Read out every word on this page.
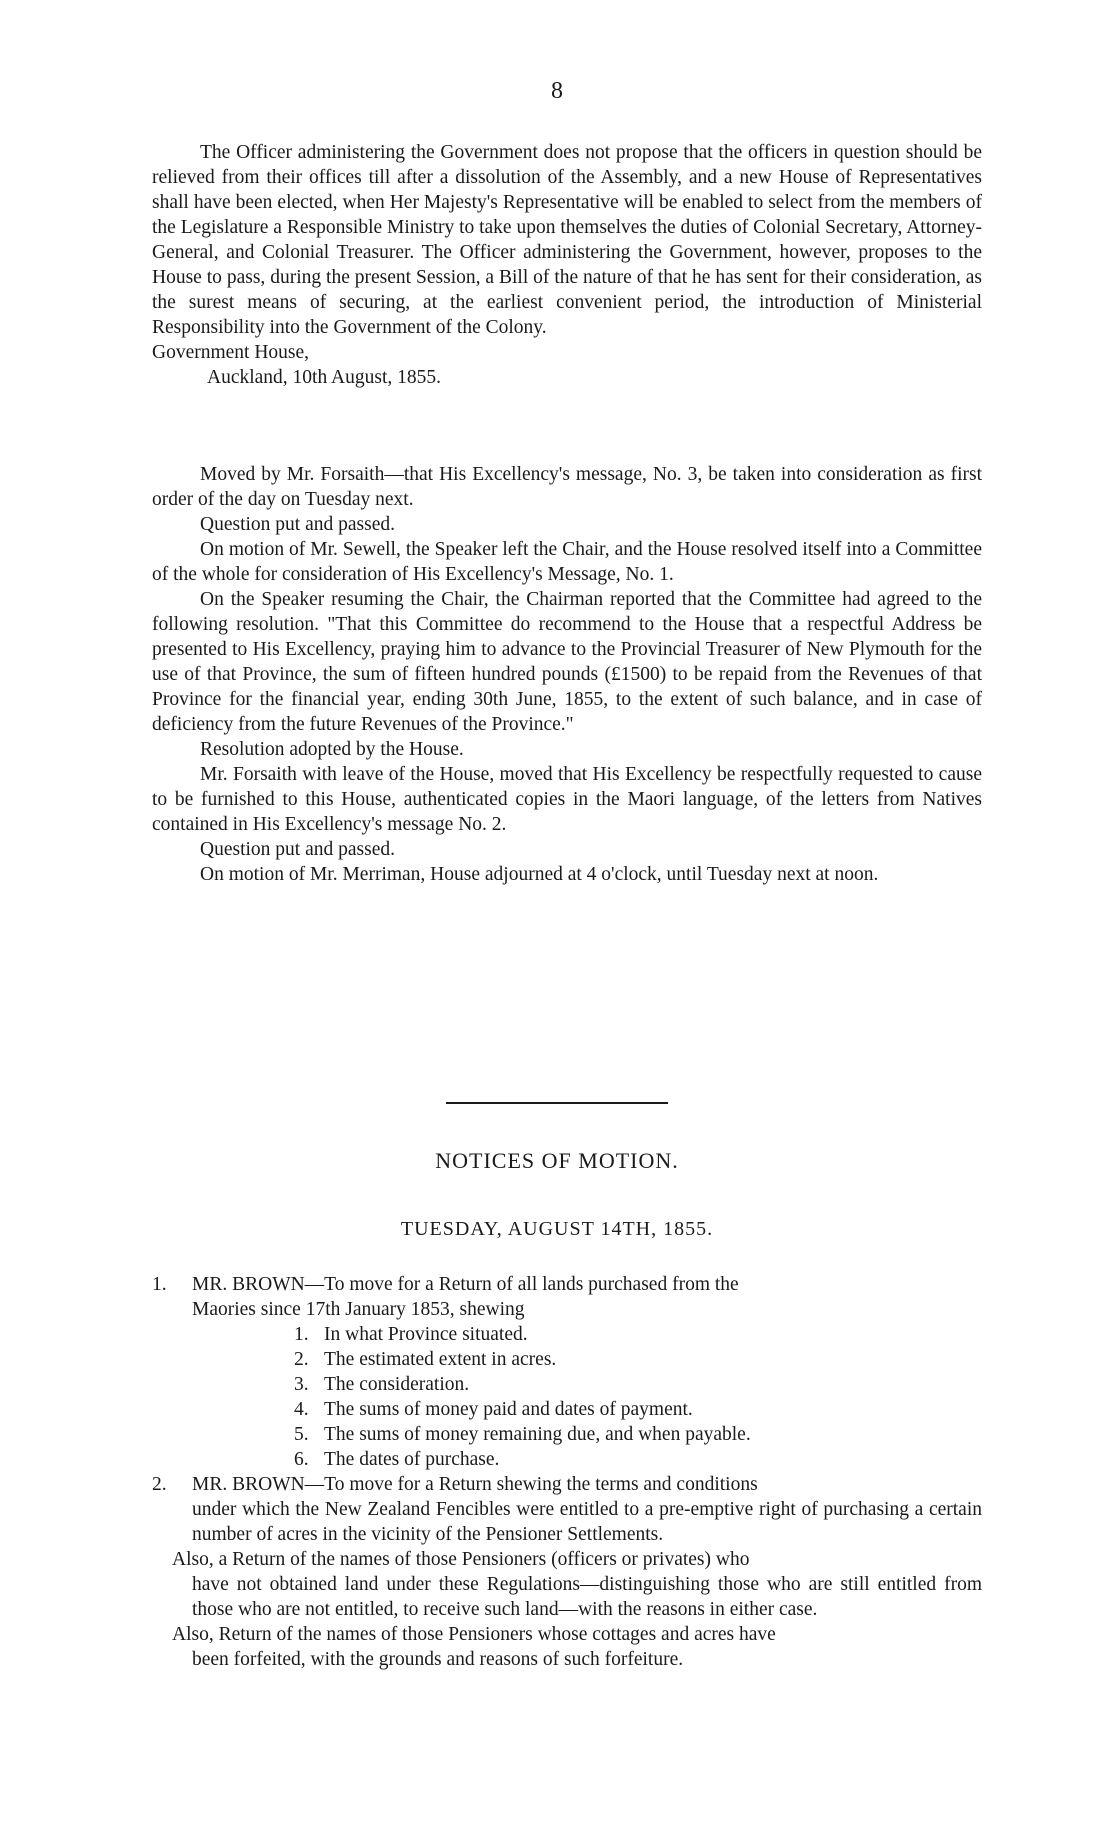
8

The Officer administering the Government does not propose that the officers in question should be relieved from their offices till after a dissolution of the Assembly, and a new House of Representatives shall have been elected, when Her Majesty's Representative will be enabled to select from the members of the Legislature a Responsible Ministry to take upon themselves the duties of Colonial Secretary, Attorney-General, and Colonial Treasurer. The Officer administering the Government, however, proposes to the House to pass, during the present Session, a Bill of the nature of that he has sent for their consideration, as the surest means of securing, at the earliest convenient period, the introduction of Ministerial Responsibility into the Government of the Colony.

Government House,

Auckland, 10th August, 1855.

Moved by Mr. Forsaith—that His Excellency's message, No. 3, be taken into consideration as first order of the day on Tuesday next.

Question put and passed.

On motion of Mr. Sewell, the Speaker left the Chair, and the House resolved itself into a Committee of the whole for consideration of His Excellency's Message, No. 1.

On the Speaker resuming the Chair, the Chairman reported that the Committee had agreed to the following resolution. "That this Committee do recommend to the House that a respectful Address be presented to His Excellency, praying him to advance to the Provincial Treasurer of New Plymouth for the use of that Province, the sum of fifteen hundred pounds (£1500) to be repaid from the Revenues of that Province for the financial year, ending 30th June, 1855, to the extent of such balance, and in case of deficiency from the future Revenues of the Province."

Resolution adopted by the House.

Mr. Forsaith with leave of the House, moved that His Excellency be respectfully requested to cause to be furnished to this House, authenticated copies in the Maori language, of the letters from Natives contained in His Excellency's message No. 2.

Question put and passed.

On motion of Mr. Merriman, House adjourned at 4 o'clock, until Tuesday next at noon.

NOTICES OF MOTION.
TUESDAY, AUGUST 14TH, 1855.
1.	MR. BROWN—To move for a Return of all lands purchased from the
Maories since 17th January 1853, shewing
1. In what Province situated.
2. The estimated extent in acres.
3. The consideration.
4. The sums of money paid and dates of payment.
5. The sums of money remaining due, and when payable.
6. The dates of purchase.
2.	MR. BROWN—To move for a Return shewing the terms and conditions
under which the New Zealand Fencibles were entitled to a pre-emptive right of purchasing a certain number of acres in the vicinity of the Pensioner Settlements.
Also, a Return of the names of those Pensioners (officers or privates) who
have not obtained land under these Regulations—distinguishing those who are still entitled from those who are not entitled, to receive such land—with the reasons in either case.
Also, Return of the names of those Pensioners whose cottages and acres have
been forfeited, with the grounds and reasons of such forfeiture.
